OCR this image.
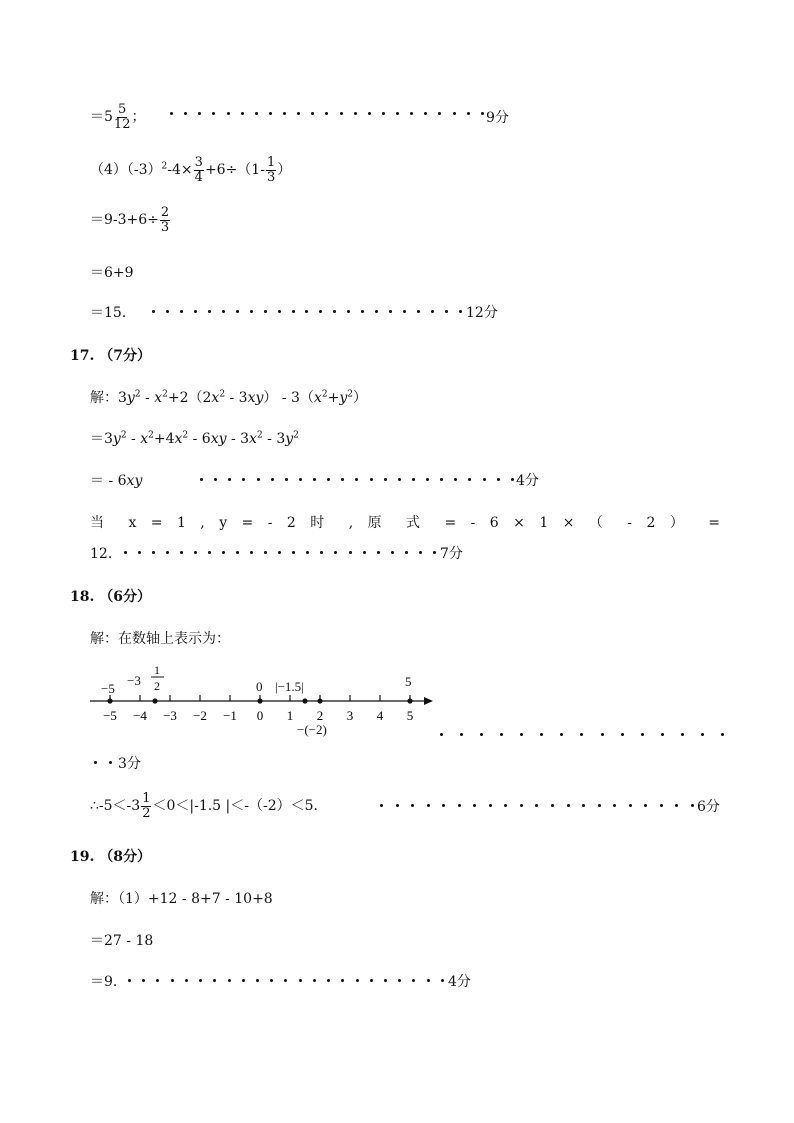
$=5 \frac{5}{12}$ ；	9分
$(4)(-3)^2-4\times \frac{3}{4} +6\div(1- \frac{1}{3}$ ）
$=9-3+6\div \frac{2}{3}$
＝6+9
＝15．	12分
17. （7分）
解：$3y^2 - x^2+2(2x^2 - 3xy) - 3(x^2+y^2)$
$=3y^2 - x^2+4x^2 - 6xy - 3x^2 - 3y^2$
＝ - 6xy	4分
当 x = 1 , y = - 2 时 , 原 式 = - 6 × 1 × （ - 2 ） =
12．	7分
18. （6分）
解：在数轴上表示为：
−5 −4 −3 −2 −1 0 1 2 3 4 5
−5
−3
1
2	0 |−1.5|	5
−(−2)
3分
∴-5＜-3 $\frac{1}{2} <0<|-1.5$ |＜-（-2）＜5．	6分
19. （8分）
解：（1）+12 - 8+7 - 10+8
＝27 - 18
＝9．	4分
